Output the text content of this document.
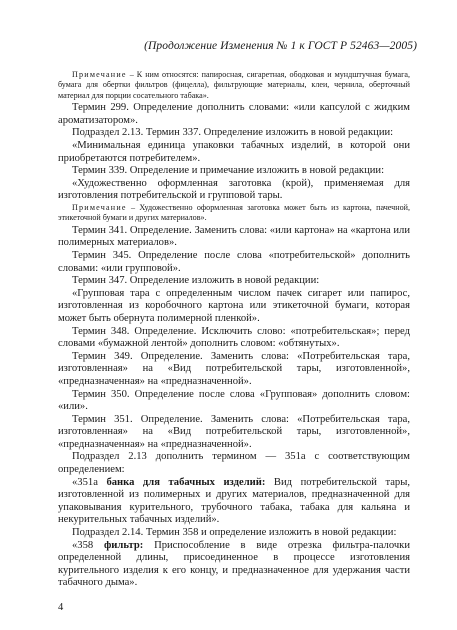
(Продолжение Изменения № 1 к ГОСТ Р 52463—2005)

Примечание – К ним относятся: папиросная, сигаретная, ободковая и мундштучная бумага, бумага для обертки фильтров (фицелла), фильтрующие материалы, клеи, чернила, оберточный материал для порции сосательного табака».

Термин 299. Определение дополнить словами: «или капсулой с жидким ароматизатором».

Подраздел 2.13. Термин 337. Определение изложить в новой редакции:

«Минимальная единица упаковки табачных изделий, в которой они приобретаются потребителем».

Термин 339. Определение и примечание изложить в новой редакции:

«Художественно оформленная заготовка (крой), применяемая для изготовления потребительской и групповой тары.

Примечание – Художественно оформленная заготовка может быть из картона, пачечной, этикеточной бумаги и других материалов».

Термин 341. Определение. Заменить слова: «или картона» на «картона или полимерных материалов».

Термин 345. Определение после слова «потребительской» дополнить словами: «или групповой».

Термин 347. Определение изложить в новой редакции:

«Групповая тара с определенным числом пачек сигарет или папирос, изготовленная из коробочного картона или этикеточной бумаги, которая может быть обернута полимерной пленкой».

Термин 348. Определение. Исключить слово: «потребительская»; перед словами «бумажной лентой» дополнить словом: «обтянутых».

Термин 349. Определение. Заменить слова: «Потребительская тара, изготовленная» на «Вид потребительской тары, изготовленной», «предназначенная» на «предназначенной».

Термин 350. Определение после слова «Групповая» дополнить словом: «или».

Термин 351. Определение. Заменить слова: «Потребительская тара, изготовленная» на «Вид потребительской тары, изготовленной», «предназначенная» на «предназначенной».

Подраздел 2.13 дополнить термином — 351а с соответствующим определением:

«351а банка для табачных изделий: Вид потребительской тары, изготовленной из полимерных и других материалов, предназначенной для упаковывания курительного, трубочного табака, табака для кальяна и некурительных табачных изделий».

Подраздел 2.14. Термин 358 и определение изложить в новой редакции:

«358 фильтр: Приспособление в виде отрезка фильтра-палочки определенной длины, присоединенное в процессе изготовления курительного изделия к его концу, и предназначенное для удержания части табачного дыма».

4
